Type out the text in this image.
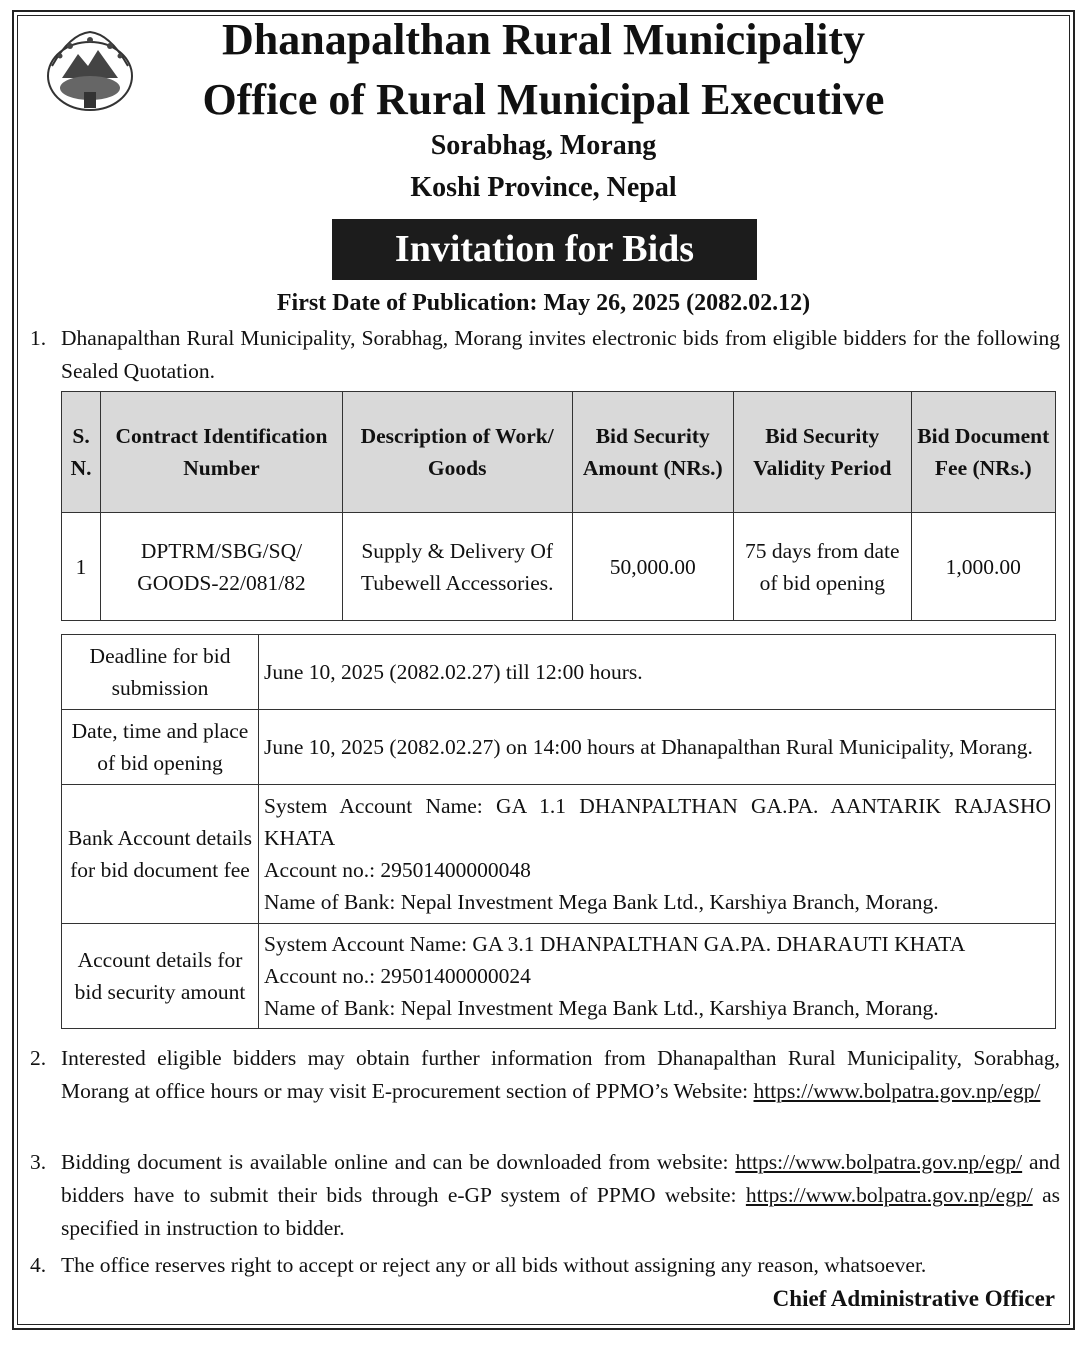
Dhanapalthan Rural Municipality
Office of Rural Municipal Executive
Sorabhag, Morang
Koshi Province, Nepal
Invitation for Bids
First Date of Publication: May 26, 2025 (2082.02.12)
1. Dhanapalthan Rural Municipality, Sorabhag, Morang invites electronic bids from eligible bidders for the following Sealed Quotation.
S. N.	Contract Identification Number	Description of Work/ Goods	Bid Security Amount (NRs.)	Bid Security Validity Period	Bid Document Fee (NRs.)
1	DPTRM/SBG/SQ/ GOODS-22/081/82	Supply & Delivery Of Tubewell Accessories.	50,000.00	75 days from date of bid opening	1,000.00
Deadline for bid submission	June 10, 2025 (2082.02.27) till 12:00 hours.
Date, time and place of bid opening	June 10, 2025 (2082.02.27) on 14:00 hours at Dhanapalthan Rural Municipality, Morang.
Bank Account details for bid document fee	System Account Name: GA 1.1 DHANPALTHAN GA.PA. AANTARIK RAJASHO KHATA
Account no.: 29501400000048
Name of Bank: Nepal Investment Mega Bank Ltd., Karshiya Branch, Morang.

Account details for bid security amount	System Account Name: GA 3.1 DHANPALTHAN GA.PA. DHARAUTI KHATA
Account no.: 29501400000024
Name of Bank: Nepal Investment Mega Bank Ltd., Karshiya Branch, Morang.
2. Interested eligible bidders may obtain further information from Dhanapalthan Rural Municipality, Sorabhag, Morang at office hours or may visit E-procurement section of PPMO’s Website: https://www.bolpatra.gov.np/egp/
3. Bidding document is available online and can be downloaded from website: https://www.bolpatra.gov.np/egp/ and bidders have to submit their bids through e-GP system of PPMO website: https://www.bolpatra.gov.np/egp/ as specified in instruction to bidder.
4. The office reserves right to accept or reject any or all bids without assigning any reason, whatsoever.
Chief Administrative Officer
